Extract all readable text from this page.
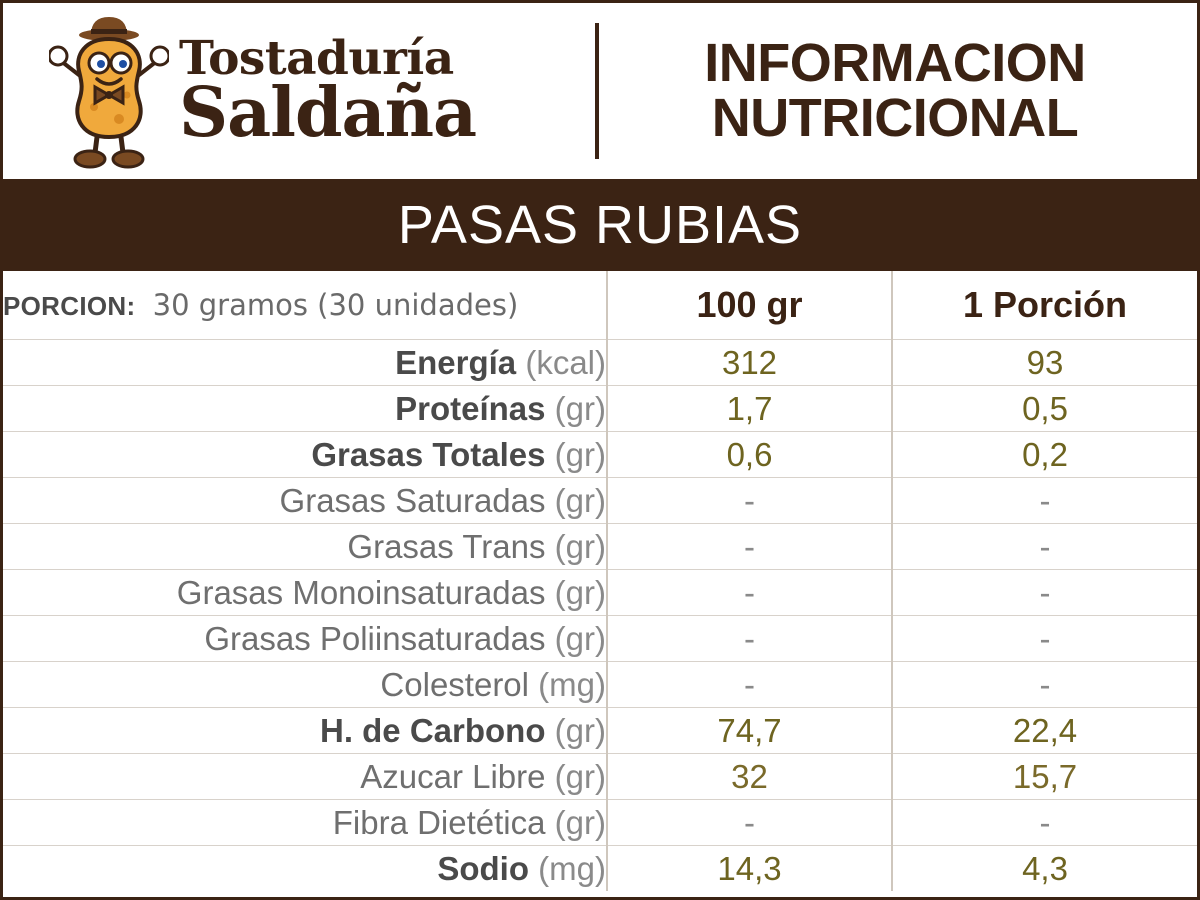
Tostaduría
Saldaña
INFORMACION
NUTRICIONAL
PASAS RUBIAS
PORCION: 30 gramos (30 unidades)	100 gr	1 Porción
Energía (kcal)	312	93
Proteínas (gr)	1,7	0,5
Grasas Totales (gr)	0,6	0,2
Grasas Saturadas (gr)	-	-
Grasas Trans (gr)	-	-
Grasas Monoinsaturadas (gr)	-	-
Grasas Poliinsaturadas (gr)	-	-
Colesterol (mg)	-	-
H. de Carbono (gr)	74,7	22,4
Azucar Libre (gr)	32	15,7
Fibra Dietética (gr)	-	-
Sodio (mg)	14,3	4,3
